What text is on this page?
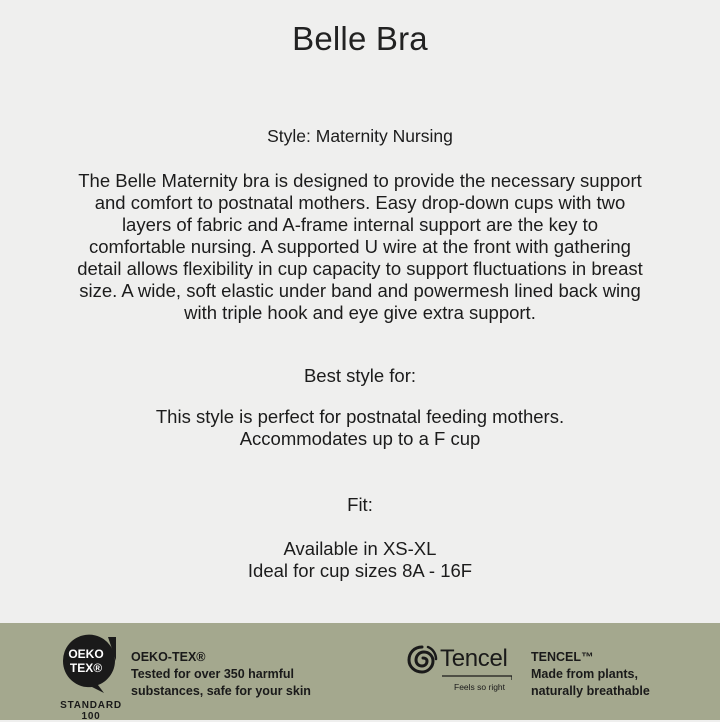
Belle Bra
Style: Maternity Nursing
The Belle Maternity bra is designed to provide the necessary support
and comfort to postnatal mothers. Easy drop-down cups with two
layers of fabric and A-frame internal support are the key to
comfortable nursing. A supported U wire at the front with gathering
detail allows flexibility in cup capacity to support fluctuations in breast
size. A wide, soft elastic under band and powermesh lined back wing
with triple hook and eye give extra support.
Best style for:
This style is perfect for postnatal feeding mothers.
Accommodates up to a F cup
Fit:
Available in XS-XL
Ideal for cup sizes 8A - 16F
OEKO
TEX®
STANDARD
100
OEKO-TEX®
Tested for over 350 harmful
substances, safe for your skin
Tencel
Feels so right
TENCEL™
Made from plants,
naturally breathable
